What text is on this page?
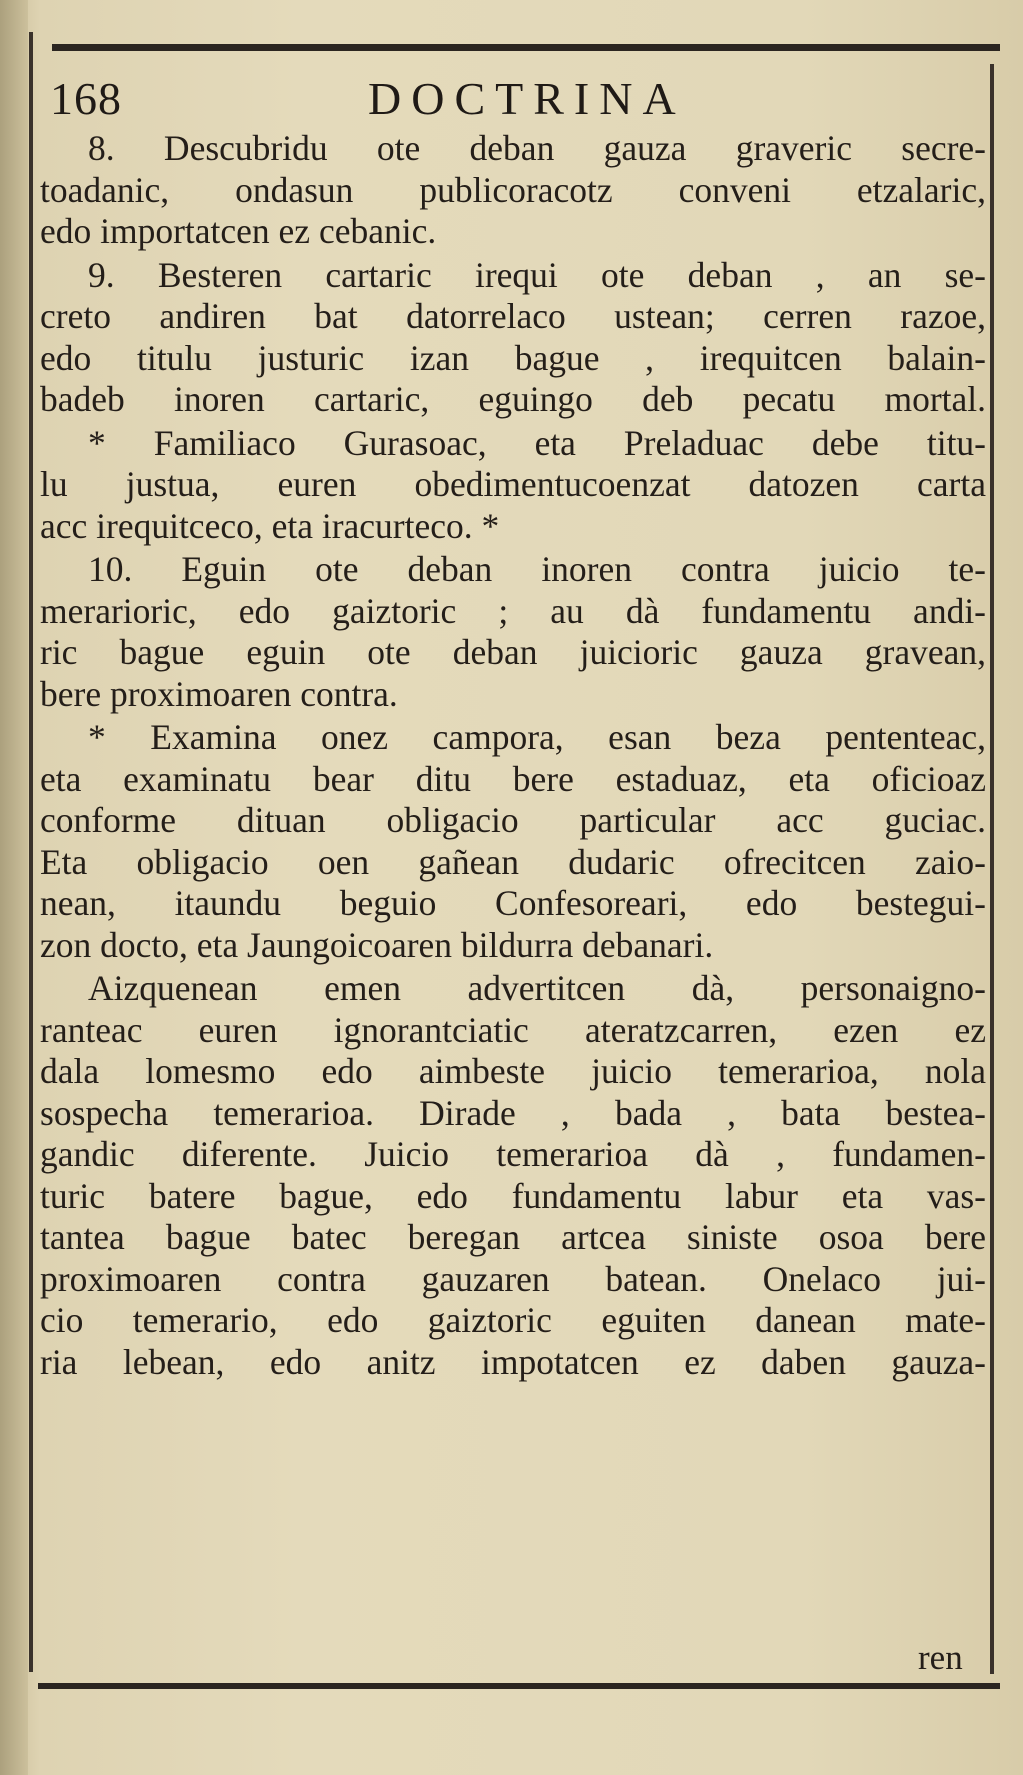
168	DOCTRINA
8. Descubridu ote deban gauza graveric secre-
toadanic, ondasun publicoracotz conveni etzalaric,
edo importatcen ez cebanic.
9. Besteren cartaric irequi ote deban , an se-
creto andiren bat datorrelaco ustean; cerren razoe,
edo titulu justuric izan bague , irequitcen balain-
badeb inoren cartaric, eguingo deb pecatu mortal.
* Familiaco Gurasoac, eta Preladuac debe titu-
lu justua, euren obedimentucoenzat datozen carta
acc irequitceco, eta iracurteco. *
10. Eguin ote deban inoren contra juicio te-
merarioric, edo gaiztoric ; au dà fundamentu andi-
ric bague eguin ote deban juicioric gauza gravean,
bere proximoaren contra.
* Examina onez campora, esan beza pententeac,
eta examinatu bear ditu bere estaduaz, eta oficioaz
conforme dituan obligacio particular acc guciac.
Eta obligacio oen gañean dudaric ofrecitcen zaio-
nean, itaundu beguio Confesoreari, edo bestegui-
zon docto, eta Jaungoicoaren bildurra debanari.
Aizquenean emen advertitcen dà, personaigno-
ranteac euren ignorantciatic ateratzcarren, ezen ez
dala lomesmo edo aimbeste juicio temerarioa, nola
sospecha temerarioa. Dirade , bada , bata bestea-
gandic diferente. Juicio temerarioa dà , fundamen-
turic batere bague, edo fundamentu labur eta vas-
tantea bague batec beregan artcea siniste osoa bere
proximoaren contra gauzaren batean. Onelaco jui-
cio temerario, edo gaiztoric eguiten danean mate-
ria lebean, edo anitz impotatcen ez daben gauza-
ren
